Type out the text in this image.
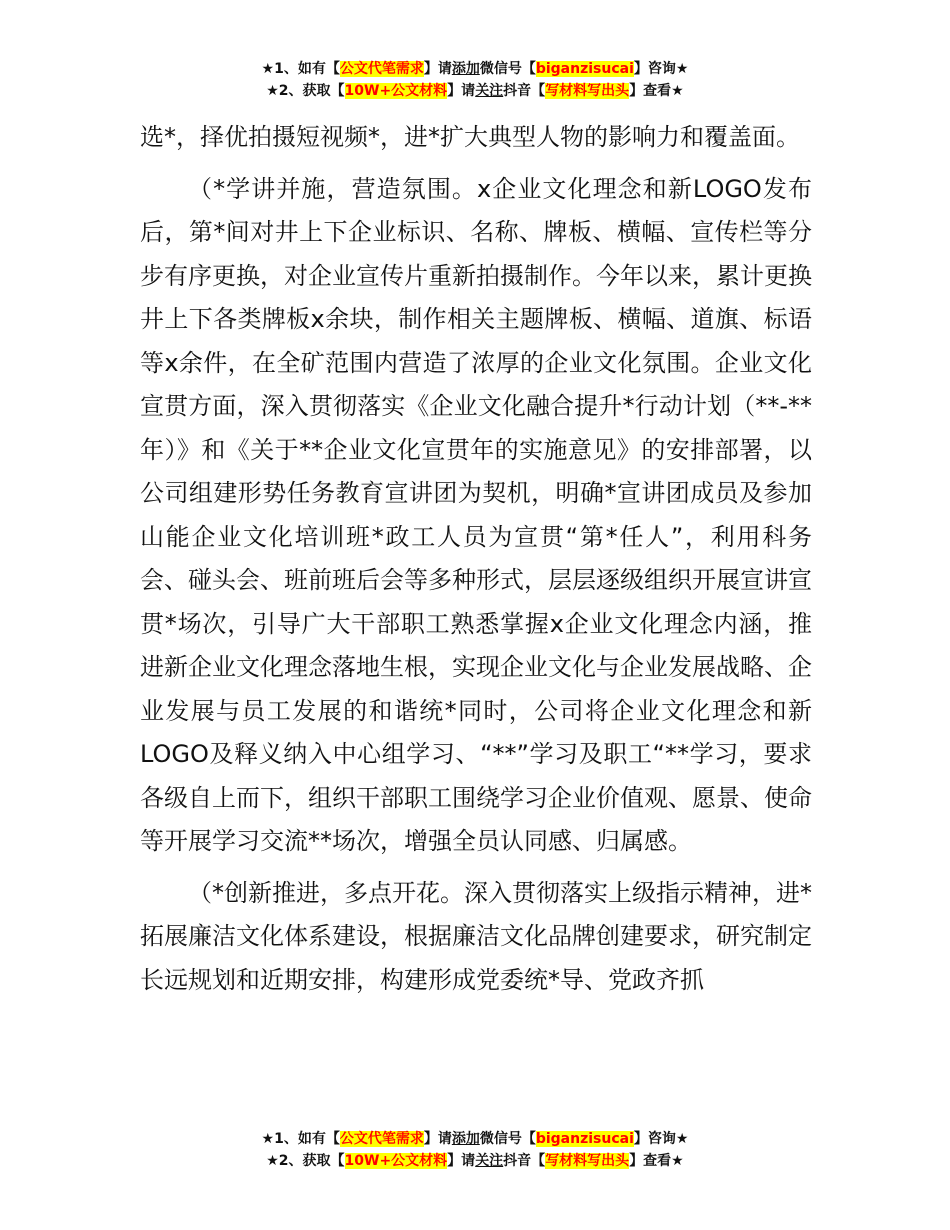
★1、如有【公文代笔需求】请添加微信号【biganzisucai】咨询★
★2、获取【10W+公文材料】请关注抖音【写材料写出头】查看★

选*，择优拍摄短视频*，进*扩大典型人物的影响力和覆盖面。

（*学讲并施，营造氛围。x企业文化理念和新LOGO发布后，第*间对井上下企业标识、名称、牌板、横幅、宣传栏等分步有序更换，对企业宣传片重新拍摄制作。今年以来，累计更换井上下各类牌板x余块，制作相关主题牌板、横幅、道旗、标语等x余件，在全矿范围内营造了浓厚的企业文化氛围。企业文化宣贯方面，深入贯彻落实《企业文化融合提升*行动计划（**-**年）》和《关于**企业文化宣贯年的实施意见》的安排部署，以公司组建形势任务教育宣讲团为契机，明确*宣讲团成员及参加山能企业文化培训班*政工人员为宣贯“第*任人”，利用科务会、碰头会、班前班后会等多种形式，层层逐级组织开展宣讲宣贯*场次，引导广大干部职工熟悉掌握x企业文化理念内涵，推进新企业文化理念落地生根，实现企业文化与企业发展战略、企业发展与员工发展的和谐统*同时，公司将企业文化理念和新LOGO及释义纳入中心组学习、“**”学习及职工“**学习，要求各级自上而下，组织干部职工围绕学习企业价值观、愿景、使命等开展学习交流**场次，增强全员认同感、归属感。

（*创新推进，多点开花。深入贯彻落实上级指示精神，进*拓展廉洁文化体系建设，根据廉洁文化品牌创建要求，研究制定长远规划和近期安排，构建形成党委统*导、党政齐抓

★1、如有【公文代笔需求】请添加微信号【biganzisucai】咨询★
★2、获取【10W+公文材料】请关注抖音【写材料写出头】查看★
